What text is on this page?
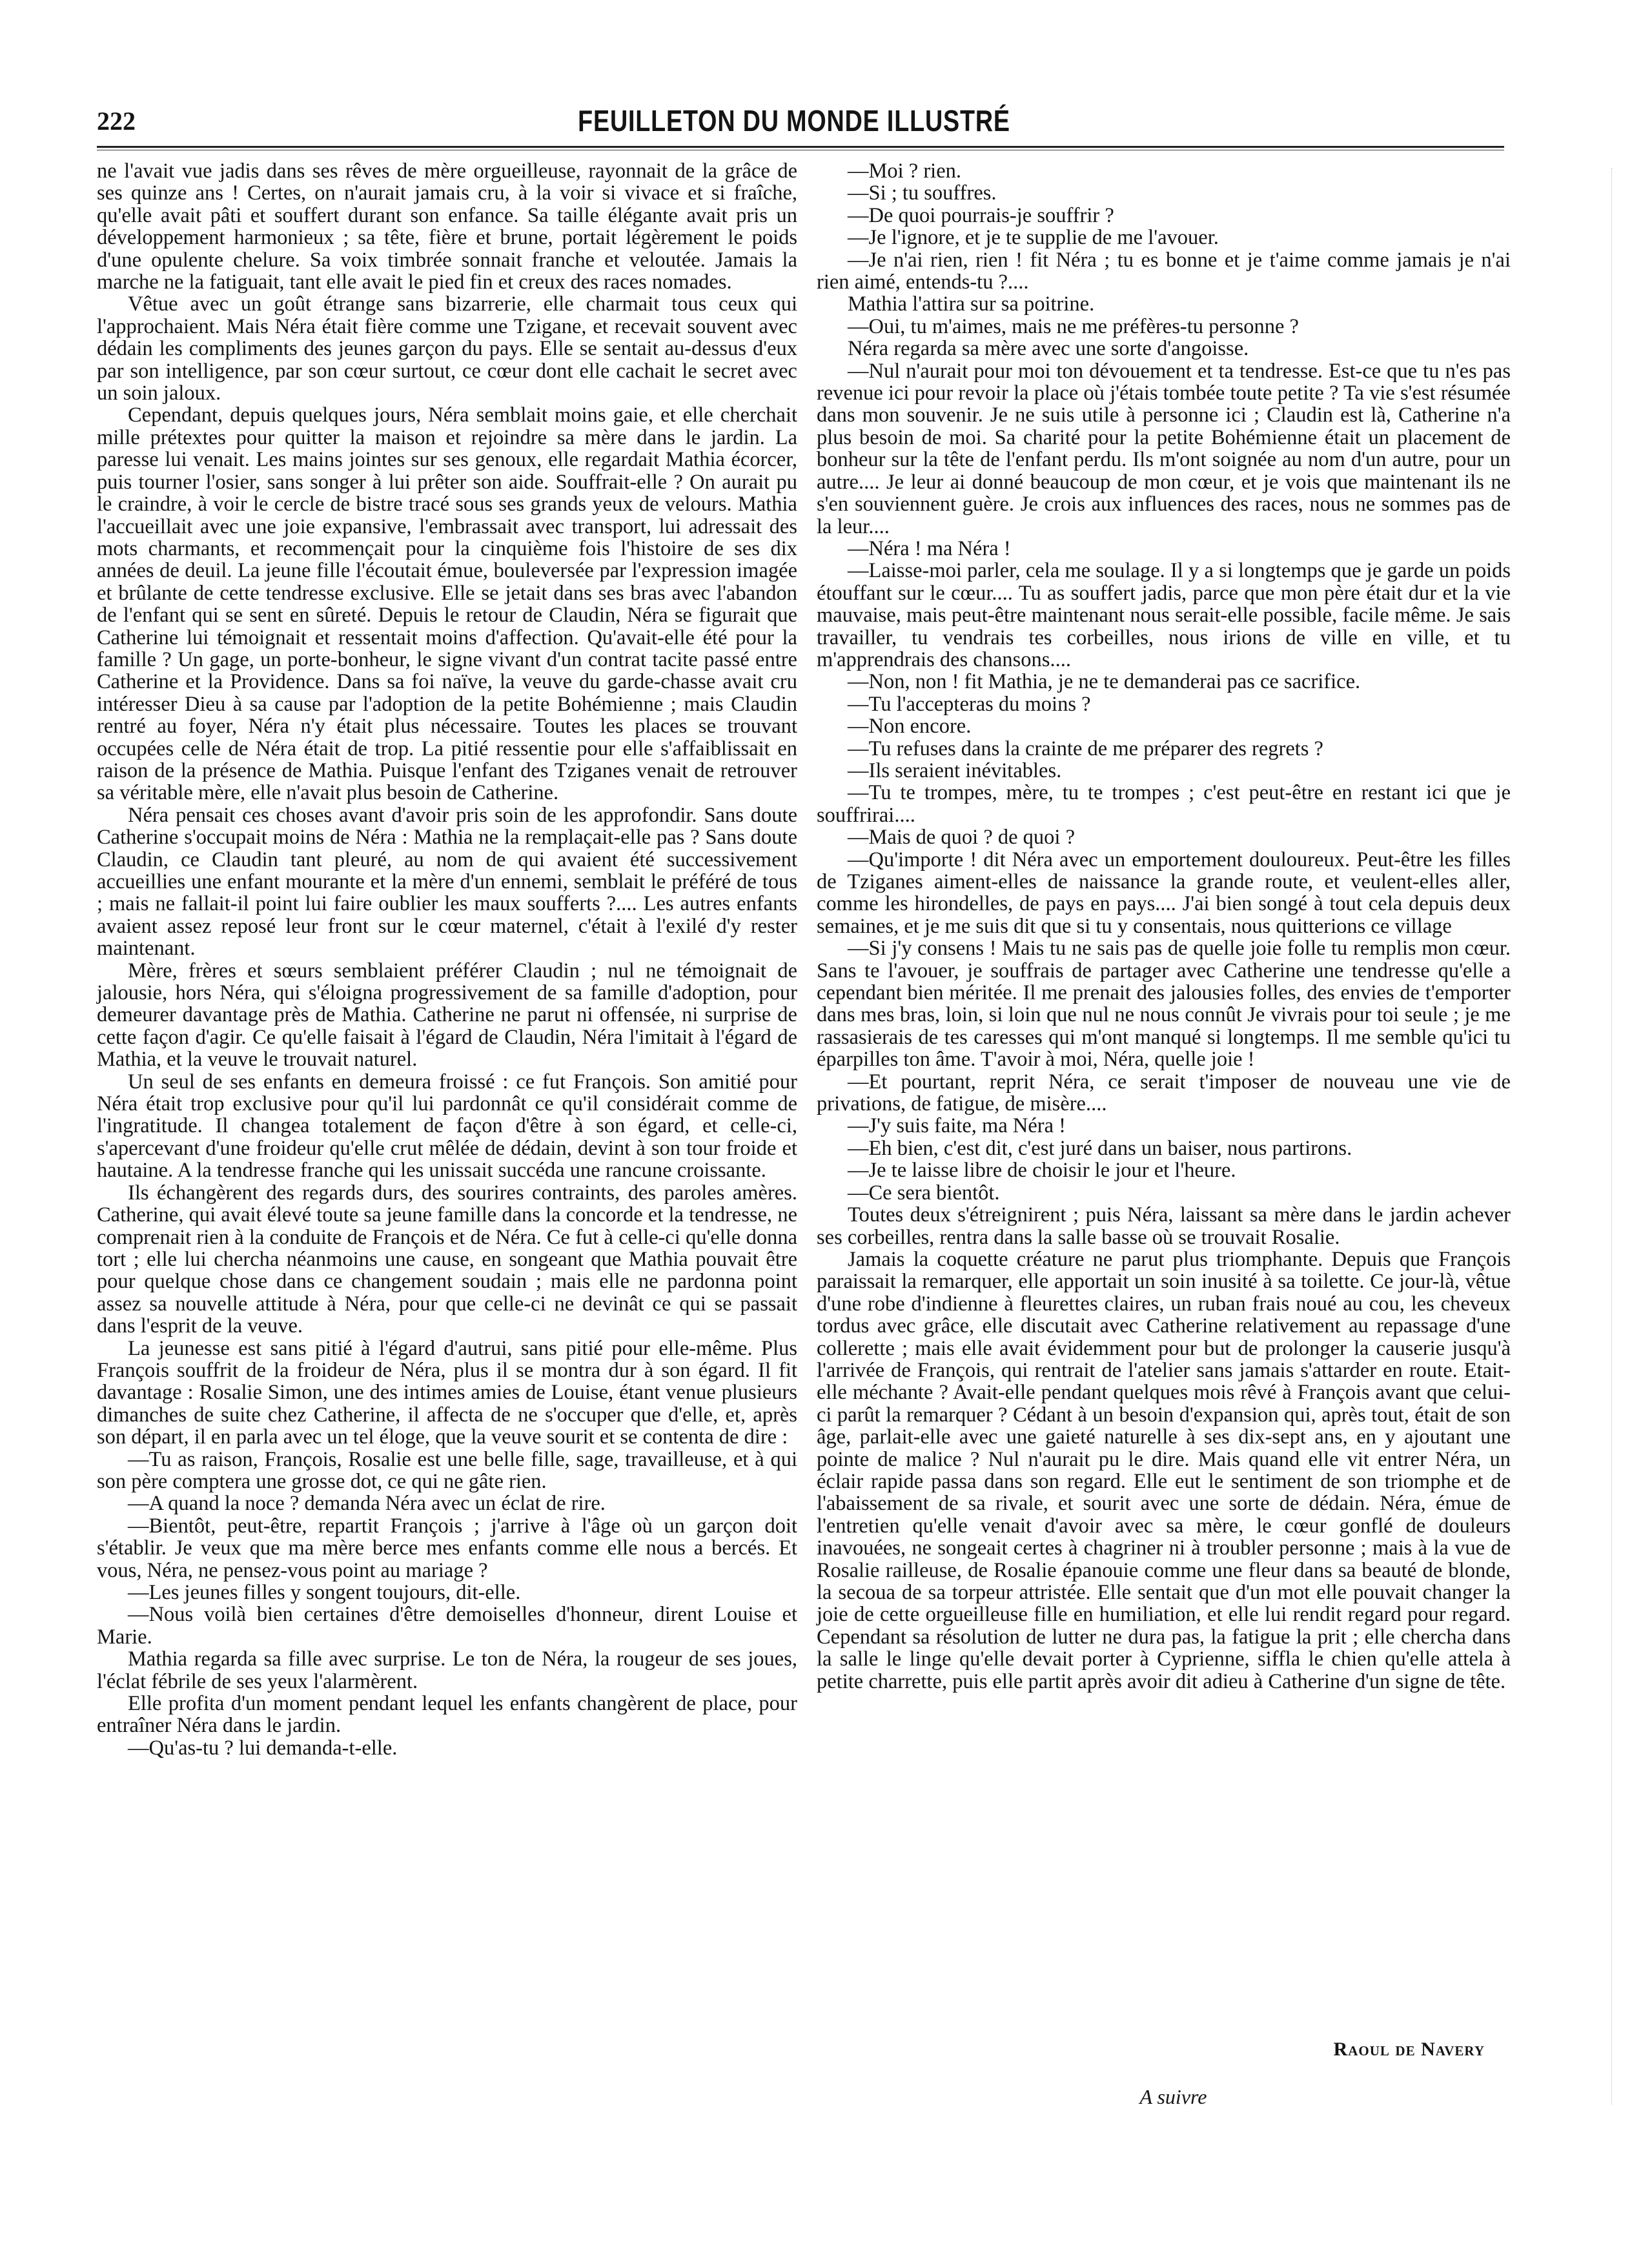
222	FEUILLETON DU MONDE ILLUSTRÉ

ne l'avait vue jadis dans ses rêves de mère orgueilleuse, rayonnait de la grâce de ses quinze ans ! Certes, on n'aurait jamais cru, à la voir si vivace et si fraîche, qu'elle avait pâti et souffert durant son enfance. Sa taille élégante avait pris un développement harmonieux ; sa tête, fière et brune, portait légèrement le poids d'une opulente chelure. Sa voix timbrée sonnait franche et veloutée. Jamais la marche ne la fatiguait, tant elle avait le pied fin et creux des races nomades.

Vêtue avec un goût étrange sans bizarrerie, elle charmait tous ceux qui l'approchaient. Mais Néra était fière comme une Tzigane, et recevait souvent avec dédain les compliments des jeunes garçon du pays. Elle se sentait au-dessus d'eux par son intelligence, par son cœur surtout, ce cœur dont elle cachait le secret avec un soin jaloux.

Cependant, depuis quelques jours, Néra semblait moins gaie, et elle cherchait mille prétextes pour quitter la maison et rejoindre sa mère dans le jardin. La paresse lui venait. Les mains jointes sur ses genoux, elle regardait Mathia écorcer, puis tourner l'osier, sans songer à lui prêter son aide. Souffrait-elle ? On aurait pu le craindre, à voir le cercle de bistre tracé sous ses grands yeux de velours. Mathia l'accueillait avec une joie expansive, l'embrassait avec transport, lui adressait des mots charmants, et recommençait pour la cinquième fois l'histoire de ses dix années de deuil. La jeune fille l'écoutait émue, bouleversée par l'expression imagée et brûlante de cette tendresse exclusive. Elle se jetait dans ses bras avec l'abandon de l'enfant qui se sent en sûreté. Depuis le retour de Claudin, Néra se figurait que Catherine lui témoignait et ressentait moins d'affection. Qu'avait-elle été pour la famille ? Un gage, un porte-bonheur, le signe vivant d'un contrat tacite passé entre Catherine et la Providence. Dans sa foi naïve, la veuve du garde-chasse avait cru intéresser Dieu à sa cause par l'adoption de la petite Bohémienne ; mais Claudin rentré au foyer, Néra n'y était plus nécessaire. Toutes les places se trouvant occupées celle de Néra était de trop. La pitié ressentie pour elle s'affaiblissait en raison de la présence de Mathia. Puisque l'enfant des Tziganes venait de retrouver sa véritable mère, elle n'avait plus besoin de Catherine.

Néra pensait ces choses avant d'avoir pris soin de les approfondir. Sans doute Catherine s'occupait moins de Néra : Mathia ne la remplaçait-elle pas ? Sans doute Claudin, ce Claudin tant pleuré, au nom de qui avaient été successivement accueillies une enfant mourante et la mère d'un ennemi, semblait le préféré de tous ; mais ne fallait-il point lui faire oublier les maux soufferts ?.... Les autres enfants avaient assez reposé leur front sur le cœur maternel, c'était à l'exilé d'y rester maintenant.

Mère, frères et sœurs semblaient préférer Claudin ; nul ne témoignait de jalousie, hors Néra, qui s'éloigna progressivement de sa famille d'adoption, pour demeurer davantage près de Mathia. Catherine ne parut ni offensée, ni surprise de cette façon d'agir. Ce qu'elle faisait à l'égard de Claudin, Néra l'imitait à l'égard de Mathia, et la veuve le trouvait naturel.

Un seul de ses enfants en demeura froissé : ce fut François. Son amitié pour Néra était trop exclusive pour qu'il lui pardonnât ce qu'il considérait comme de l'ingratitude. Il changea totalement de façon d'être à son égard, et celle-ci, s'apercevant d'une froideur qu'elle crut mêlée de dédain, devint à son tour froide et hautaine. A la tendresse franche qui les unissait succéda une rancune croissante.

Ils échangèrent des regards durs, des sourires contraints, des paroles amères. Catherine, qui avait élevé toute sa jeune famille dans la concorde et la tendresse, ne comprenait rien à la conduite de François et de Néra. Ce fut à celle-ci qu'elle donna tort ; elle lui chercha néanmoins une cause, en songeant que Mathia pouvait être pour quelque chose dans ce changement soudain ; mais elle ne pardonna point assez sa nouvelle attitude à Néra, pour que celle-ci ne devinât ce qui se passait dans l'esprit de la veuve.

La jeunesse est sans pitié à l'égard d'autrui, sans pitié pour elle-même. Plus François souffrit de la froideur de Néra, plus il se montra dur à son égard. Il fit davantage : Rosalie Simon, une des intimes amies de Louise, étant venue plusieurs dimanches de suite chez Catherine, il affecta de ne s'occuper que d'elle, et, après son départ, il en parla avec un tel éloge, que la veuve sourit et se contenta de dire :

—Tu as raison, François, Rosalie est une belle fille, sage, travailleuse, et à qui son père comptera une grosse dot, ce qui ne gâte rien.

—A quand la noce ? demanda Néra avec un éclat de rire.

—Bientôt, peut-être, repartit François ; j'arrive à l'âge où un garçon doit s'établir. Je veux que ma mère berce mes enfants comme elle nous a bercés. Et vous, Néra, ne pensez-vous point au mariage ?

—Les jeunes filles y songent toujours, dit-elle.

—Nous voilà bien certaines d'être demoiselles d'honneur, dirent Louise et Marie.

Mathia regarda sa fille avec surprise. Le ton de Néra, la rougeur de ses joues, l'éclat fébrile de ses yeux l'alarmèrent.

Elle profita d'un moment pendant lequel les enfants changèrent de place, pour entraîner Néra dans le jardin.

—Qu'as-tu ? lui demanda-t-elle.

—Moi ? rien.

—Si ; tu souffres.

—De quoi pourrais-je souffrir ?

—Je l'ignore, et je te supplie de me l'avouer.

—Je n'ai rien, rien ! fit Néra ; tu es bonne et je t'aime comme jamais je n'ai rien aimé, entends-tu ?....

Mathia l'attira sur sa poitrine.

—Oui, tu m'aimes, mais ne me préfères-tu personne ?

Néra regarda sa mère avec une sorte d'angoisse.

—Nul n'aurait pour moi ton dévouement et ta tendresse. Est-ce que tu n'es pas revenue ici pour revoir la place où j'étais tombée toute petite ? Ta vie s'est résumée dans mon souvenir. Je ne suis utile à personne ici ; Claudin est là, Catherine n'a plus besoin de moi. Sa charité pour la petite Bohémienne était un placement de bonheur sur la tête de l'enfant perdu. Ils m'ont soignée au nom d'un autre, pour un autre.... Je leur ai donné beaucoup de mon cœur, et je vois que maintenant ils ne s'en souviennent guère. Je crois aux influences des races, nous ne sommes pas de la leur....

—Néra ! ma Néra !

—Laisse-moi parler, cela me soulage. Il y a si longtemps que je garde un poids étouffant sur le cœur.... Tu as souffert jadis, parce que mon père était dur et la vie mauvaise, mais peut-être maintenant nous serait-elle possible, facile même. Je sais travailler, tu vendrais tes corbeilles, nous irions de ville en ville, et tu m'apprendrais des chansons....

—Non, non ! fit Mathia, je ne te demanderai pas ce sacrifice.

—Tu l'accepteras du moins ?

—Non encore.

—Tu refuses dans la crainte de me préparer des regrets ?

—Ils seraient inévitables.

—Tu te trompes, mère, tu te trompes ; c'est peut-être en restant ici que je souffrirai....

—Mais de quoi ? de quoi ?

—Qu'importe ! dit Néra avec un emportement douloureux. Peut-être les filles de Tziganes aiment-elles de naissance la grande route, et veulent-elles aller, comme les hirondelles, de pays en pays.... J'ai bien songé à tout cela depuis deux semaines, et je me suis dit que si tu y consentais, nous quitterions ce village

—Si j'y consens ! Mais tu ne sais pas de quelle joie folle tu remplis mon cœur. Sans te l'avouer, je souffrais de partager avec Catherine une tendresse qu'elle a cependant bien méritée. Il me prenait des jalousies folles, des envies de t'emporter dans mes bras, loin, si loin que nul ne nous connût Je vivrais pour toi seule ; je me rassasierais de tes caresses qui m'ont manqué si longtemps. Il me semble qu'ici tu éparpilles ton âme. T'avoir à moi, Néra, quelle joie !

—Et pourtant, reprit Néra, ce serait t'imposer de nouveau une vie de privations, de fatigue, de misère....

—J'y suis faite, ma Néra !

—Eh bien, c'est dit, c'est juré dans un baiser, nous partirons.

—Je te laisse libre de choisir le jour et l'heure.

—Ce sera bientôt.

Toutes deux s'étreignirent ; puis Néra, laissant sa mère dans le jardin achever ses corbeilles, rentra dans la salle basse où se trouvait Rosalie.

Jamais la coquette créature ne parut plus triomphante. Depuis que François paraissait la remarquer, elle apportait un soin inusité à sa toilette. Ce jour-là, vêtue d'une robe d'indienne à fleurettes claires, un ruban frais noué au cou, les cheveux tordus avec grâce, elle discutait avec Catherine relativement au repassage d'une collerette ; mais elle avait évidemment pour but de prolonger la causerie jusqu'à l'arrivée de François, qui rentrait de l'atelier sans jamais s'attarder en route. Etait-elle méchante ? Avait-elle pendant quelques mois rêvé à François avant que celui-ci parût la remarquer ? Cédant à un besoin d'expansion qui, après tout, était de son âge, parlait-elle avec une gaieté naturelle à ses dix-sept ans, en y ajoutant une pointe de malice ? Nul n'aurait pu le dire. Mais quand elle vit entrer Néra, un éclair rapide passa dans son regard. Elle eut le sentiment de son triomphe et de l'abaissement de sa rivale, et sourit avec une sorte de dédain. Néra, émue de l'entretien qu'elle venait d'avoir avec sa mère, le cœur gonflé de douleurs inavouées, ne songeait certes à chagriner ni à troubler personne ; mais à la vue de Rosalie railleuse, de Rosalie épanouie comme une fleur dans sa beauté de blonde, la secoua de sa torpeur attristée. Elle sentait que d'un mot elle pouvait changer la joie de cette orgueilleuse fille en humiliation, et elle lui rendit regard pour regard. Cependant sa résolution de lutter ne dura pas, la fatigue la prit ; elle chercha dans la salle le linge qu'elle devait porter à Cyprienne, siffla le chien qu'elle attela à petite charrette, puis elle partit après avoir dit adieu à Catherine d'un signe de tête.

Raoul de Navery
A suivre
